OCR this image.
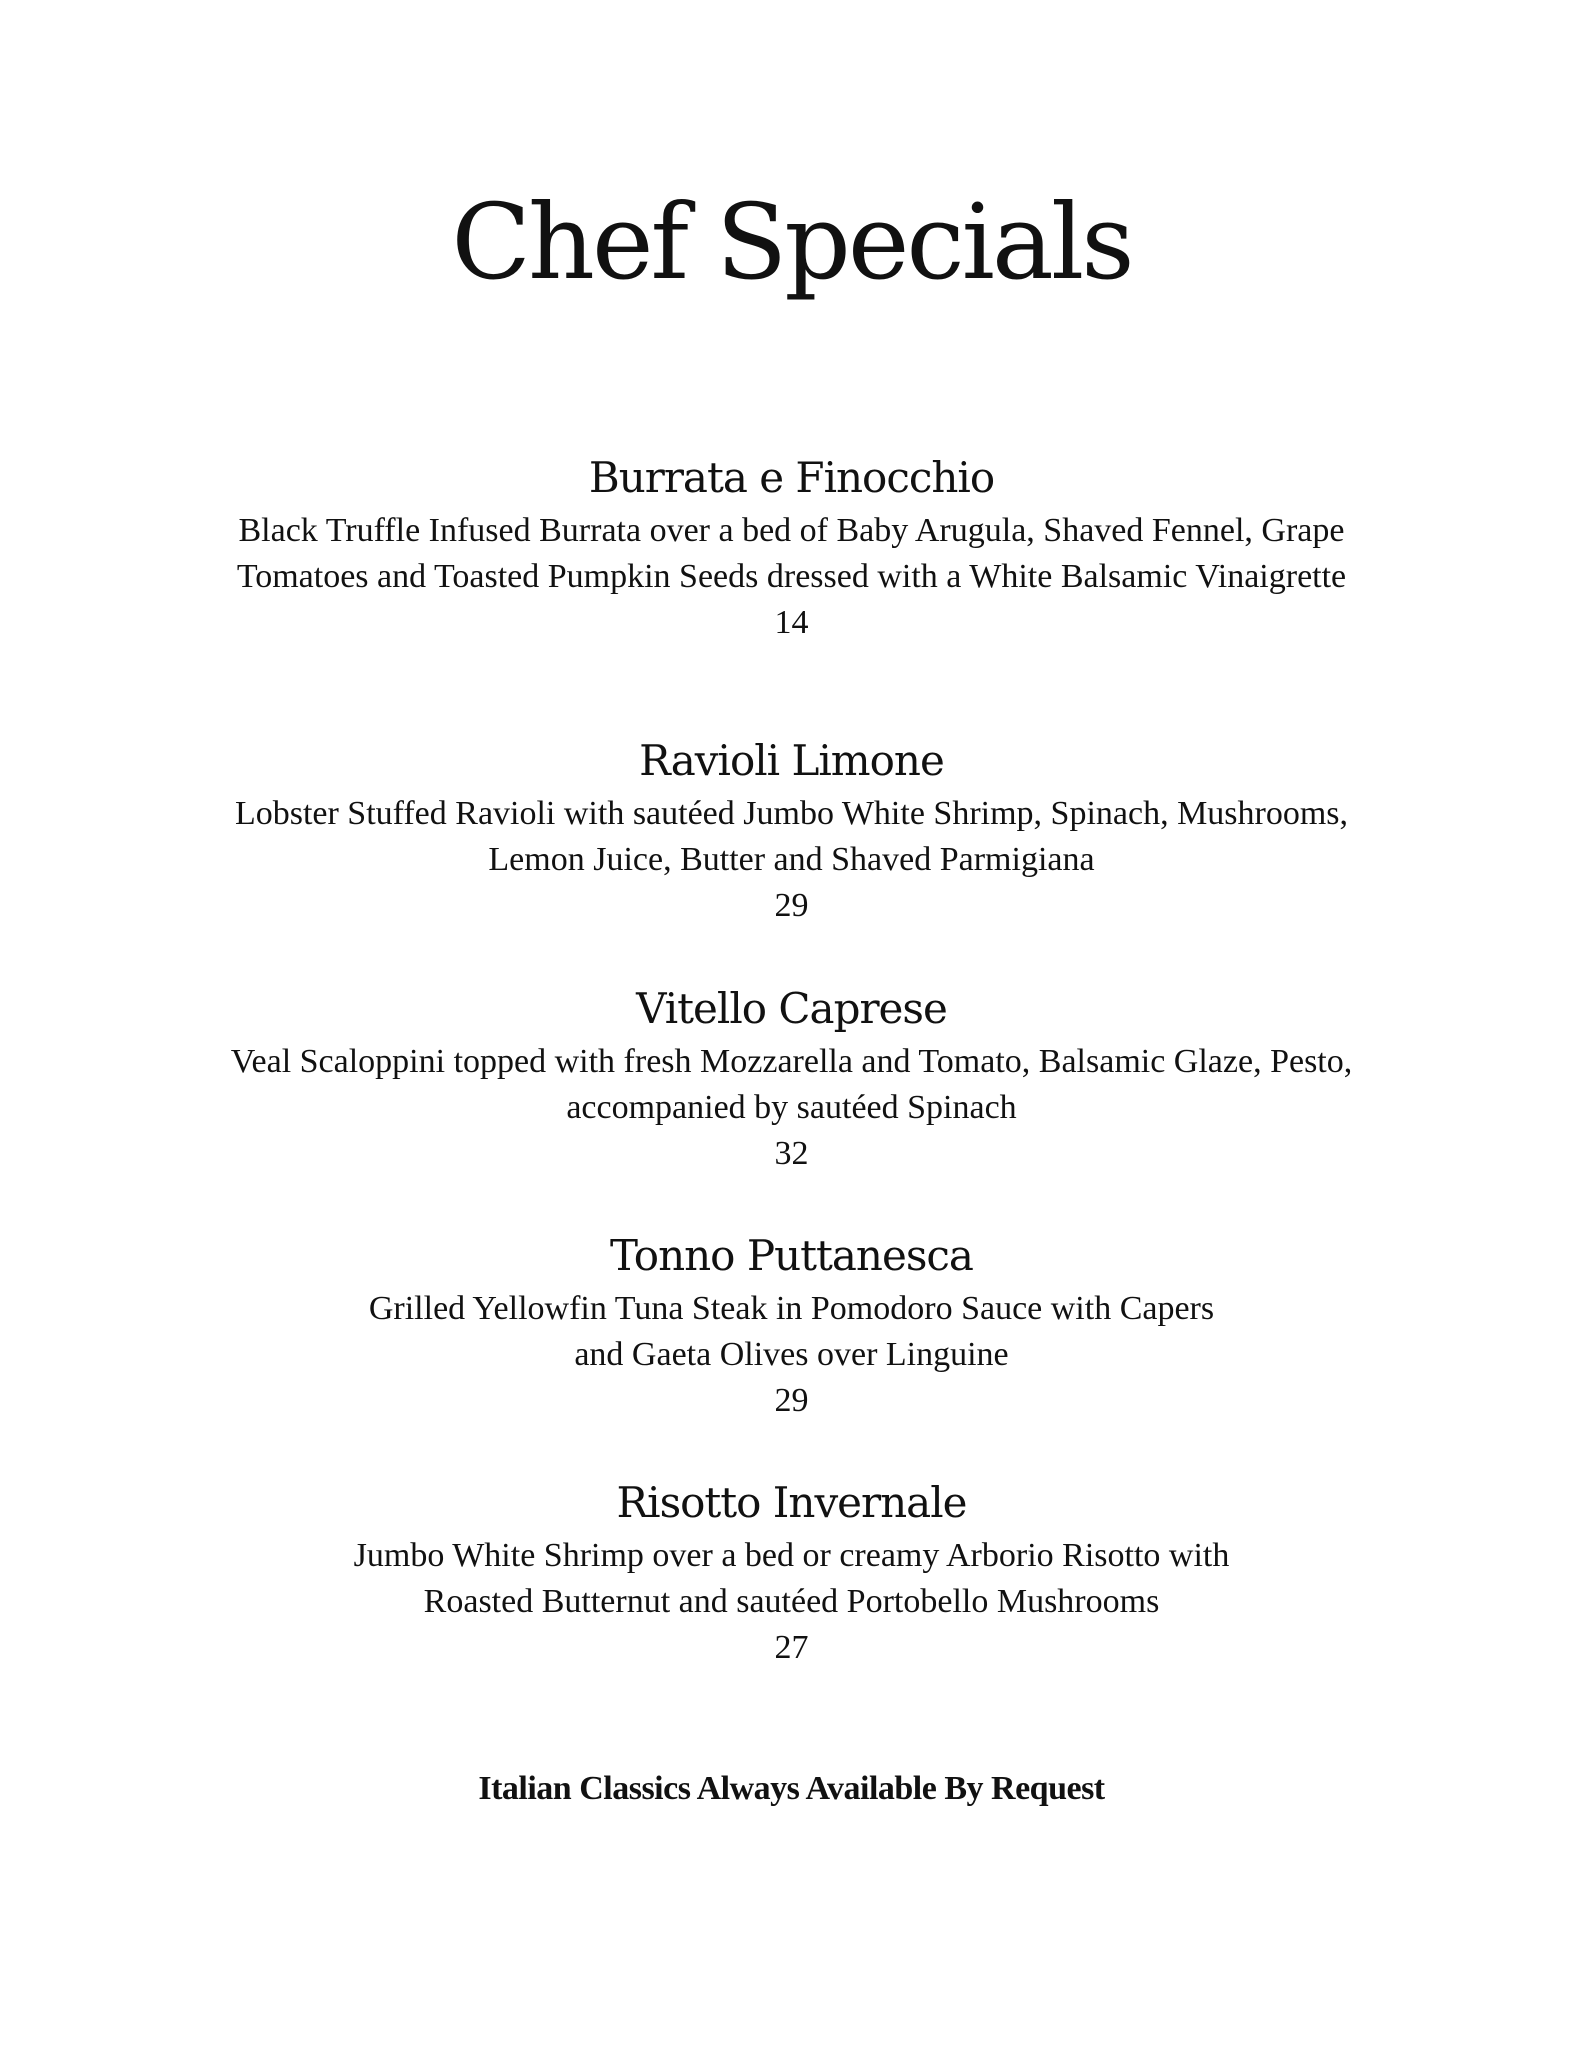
Chef Specials
Burrata e Finocchio
Black Truffle Infused Burrata over a bed of Baby Arugula, Shaved Fennel, Grape
Tomatoes and Toasted Pumpkin Seeds dressed with a White Balsamic Vinaigrette
14
Ravioli Limone
Lobster Stuffed Ravioli with sautéed Jumbo White Shrimp, Spinach, Mushrooms,
Lemon Juice, Butter and Shaved Parmigiana
29
Vitello Caprese
Veal Scaloppini topped with fresh Mozzarella and Tomato, Balsamic Glaze, Pesto,
accompanied by sautéed Spinach
32
Tonno Puttanesca
Grilled Yellowfin Tuna Steak in Pomodoro Sauce with Capers
and Gaeta Olives over Linguine
29
Risotto Invernale
Jumbo White Shrimp over a bed or creamy Arborio Risotto with
Roasted Butternut and sautéed Portobello Mushrooms
27
Italian Classics Always Available By Request
